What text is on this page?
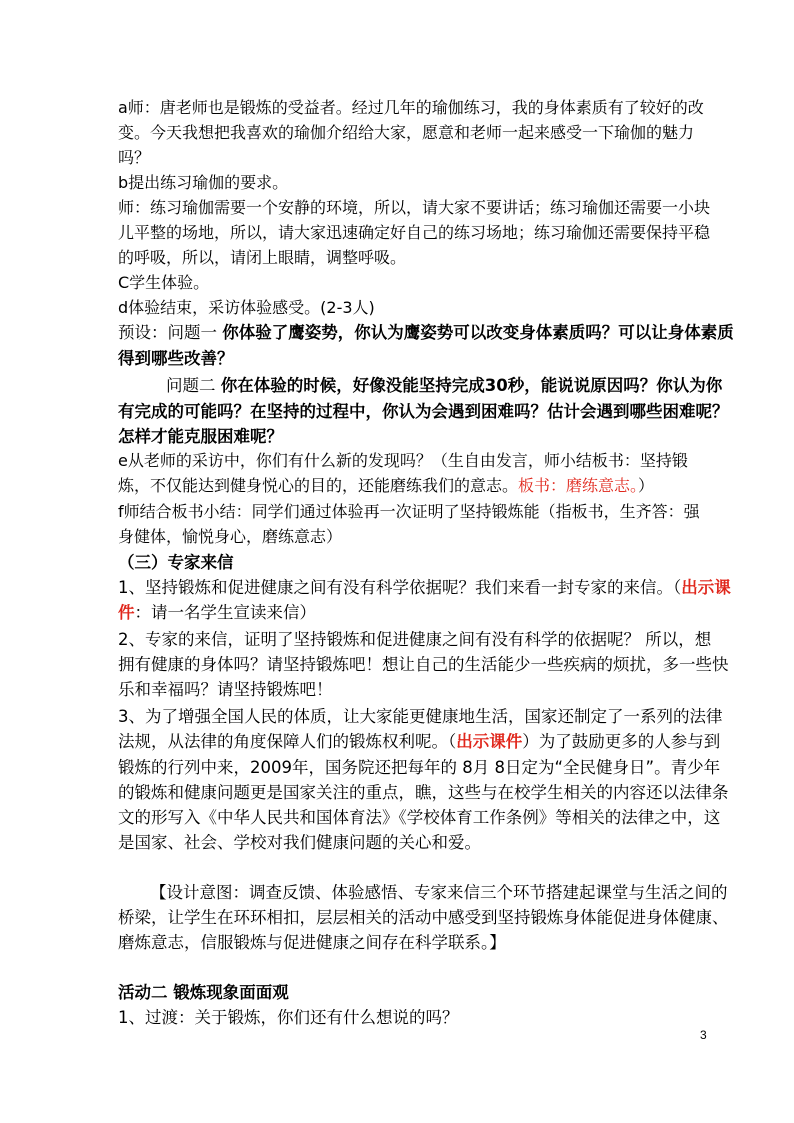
a师：唐老师也是锻炼的受益者。经过几年的瑜伽练习，我的身体素质有了较好的改
变。今天我想把我喜欢的瑜伽介绍给大家，愿意和老师一起来感受一下瑜伽的魅力
吗？
b提出练习瑜伽的要求。
师：练习瑜伽需要一个安静的环境，所以，请大家不要讲话；练习瑜伽还需要一小块
儿平整的场地，所以，请大家迅速确定好自己的练习场地；练习瑜伽还需要保持平稳
的呼吸，所以，请闭上眼睛，调整呼吸。
C学生体验。
d体验结束，采访体验感受。(2-3人)
预设：问题一 你体验了鹰姿势，你认为鹰姿势可以改变身体素质吗？可以让身体素质
得到哪些改善？
问题二 你在体验的时候，好像没能坚持完成30秒，能说说原因吗？你认为你
有完成的可能吗？在坚持的过程中，你认为会遇到困难吗？估计会遇到哪些困难呢？
怎样才能克服困难呢？
e从老师的采访中，你们有什么新的发现吗？（生自由发言，师小结板书：坚持锻
炼，不仅能达到健身悦心的目的，还能磨练我们的意志。板书：磨练意志。）
f师结合板书小结：同学们通过体验再一次证明了坚持锻炼能（指板书，生齐答：强
身健体，愉悦身心，磨练意志）
（三）专家来信
1、坚持锻炼和促进健康之间有没有科学依据呢？我们来看一封专家的来信。（出示课
件：请一名学生宣读来信）
2、专家的来信，证明了坚持锻炼和促进健康之间有没有科学的依据呢？ 所以，想
拥有健康的身体吗？请坚持锻炼吧！想让自己的生活能少一些疾病的烦扰，多一些快
乐和幸福吗？请坚持锻炼吧！
3、为了增强全国人民的体质，让大家能更健康地生活，国家还制定了一系列的法律
法规，从法律的角度保障人们的锻炼权利呢。（出示课件）为了鼓励更多的人参与到
锻炼的行列中来，2009年，国务院还把每年的 8月 8日定为“全民健身日”。青少年
的锻炼和健康问题更是国家关注的重点，瞧，这些与在校学生相关的内容还以法律条
文的形写入《中华人民共和国体育法》《学校体育工作条例》等相关的法律之中，这
是国家、社会、学校对我们健康问题的关心和爱。
【设计意图：调查反馈、体验感悟、专家来信三个环节搭建起课堂与生活之间的
桥梁，让学生在环环相扣，层层相关的活动中感受到坚持锻炼身体能促进身体健康、
磨炼意志，信服锻炼与促进健康之间存在科学联系。】
活动二 锻炼现象面面观
1、过渡：关于锻炼，你们还有什么想说的吗？
3
